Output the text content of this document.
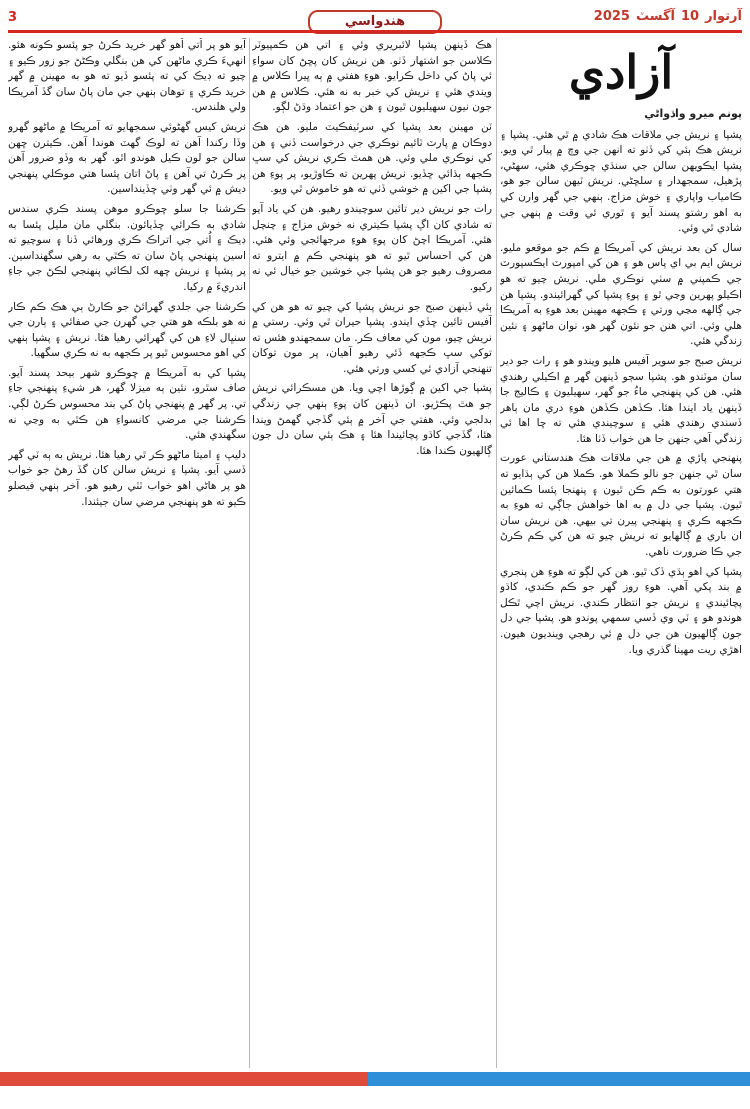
3	هندواسي	آرتوار10آگسٽ2025
آزادي
پونم ميرو واڌواڻي

پشپا ۽ نريش جي ملاقات هڪ شادي ۾ ٿي هئي. پشپا ۽ نريش هڪ ٻئي کي ڏٺو ته انهن جي وچ ۾ پيار ٿي ويو. پشپا ايڪويهن سالن جي سنڌي ڇوڪري هئي، سهڻي، پڙهيل، سمجهدار ۽ سلڇڻي. نريش ٽيهن سالن جو هو، ڪامياب واپاري ۽ خوش مزاج. ٻنهي جي گهر وارن کي به اهو رشتو پسند آيو ۽ ٿوري ئي وقت ۾ ٻنهي جي شادي ٿي وئي.

سال کن بعد نريش کي آمريڪا ۾ ڪم جو موقعو مليو. نريش ايم بي اي پاس هو ۽ هن کي امپورٽ ايڪسپورٽ جي ڪمپني ۾ سٺي نوڪري ملي. نريش چيو ته هو اڪيلو پهرين وڃي ٿو ۽ پوءِ پشپا کي گهرائيندو. پشپا هن جي ڳالهه مڃي ورتي ۽ ڪجهه مهينن بعد هوءِ به آمريڪا هلي وئي. اتي هنن جو نئون گهر هو، نوان ماڻهو ۽ نئين زندگي هئي.

نريش صبح جو سوير آفيس هليو ويندو هو ۽ رات جو دير سان موٽندو هو. پشپا سڄو ڏينهن گهر ۾ اڪيلي رهندي هئي. هن کي پنهنجي ماءُ جو گهر، سهيليون ۽ ڪاليج جا ڏينهن ياد ايندا هئا. ڪڏهن ڪڏهن هوءِ دري مان ٻاهر ڏسندي رهندي هئي ۽ سوچيندي هئي ته ڇا اها ئي زندگي آهي جنهن جا هن خواب ڏٺا هئا.

پنهنجي پاڙي ۾ هن جي ملاقات هڪ هندستاني عورت سان ٿي جنهن جو نالو ڪملا هو. ڪملا هن کي ٻڌايو ته هتي عورتون به ڪم ڪن ٿيون ۽ پنهنجا پئسا ڪمائين ٿيون. پشپا جي دل ۾ به اها خواهش جاڳي ته هوءِ به ڪجهه ڪري ۽ پنهنجي پيرن تي بيهي. هن نريش سان ان باري ۾ ڳالهايو ته نريش چيو ته هن کي ڪم ڪرڻ جي ڪا ضرورت ناهي.

پشپا کي اهو ٻڌي ڏک ٿيو. هن کي لڳو ته هوءِ هن پنجري ۾ بند پکي آهي. هوءِ روز گهر جو ڪم ڪندي، کاڌو پچائيندي ۽ نريش جو انتظار ڪندي. نريش اچي ٿڪل هوندو هو ۽ ٽي وي ڏسي سمهي پوندو هو. پشپا جي دل جون ڳالهيون هن جي دل ۾ ئي رهجي وينديون هيون. اهڙي ريت مهينا گذري ويا.

هڪ ڏينهن پشپا لائبريري وئي ۽ اتي هن ڪمپيوٽر ڪلاسن جو اشتهار ڏٺو. هن نريش کان پڇڻ کان سواءِ ئي پاڻ کي داخل ڪرايو. هوءِ هفتي ۾ ٻه ڀيرا ڪلاس ۾ ويندي هئي ۽ نريش کي خبر به نه هئي. ڪلاس ۾ هن جون نيون سهيليون ٿيون ۽ هن جو اعتماد وڌڻ لڳو.

ٽن مهينن بعد پشپا کي سرٽيفڪيٽ مليو. هن هڪ دوڪان ۾ پارٽ ٽائيم نوڪري جي درخواست ڏني ۽ هن کي نوڪري ملي وئي. هن همٿ ڪري نريش کي سڀ ڪجهه ٻڌائي ڇڏيو. نريش پهرين ته ڪاوڙيو، پر پوءِ هن پشپا جي اکين ۾ خوشي ڏٺي ته هو خاموش ٿي ويو.

رات جو نريش دير تائين سوچيندو رهيو. هن کي ياد آيو ته شادي کان اڳ پشپا ڪيتري نه خوش مزاج ۽ چنچل هئي. آمريڪا اچڻ کان پوءِ هوءِ مرجهائجي وئي هئي. هن کي احساس ٿيو ته هو پنهنجي ڪم ۾ ايترو ته مصروف رهيو جو هن پشپا جي خوشين جو خيال ئي نه رکيو.

ٻئي ڏينهن صبح جو نريش پشپا کي چيو ته هو هن کي آفيس تائين ڇڏي ايندو. پشپا حيران ٿي وئي. رستي ۾ نريش چيو، مون کي معاف ڪر. مان سمجهندو هئس ته توکي سڀ ڪجهه ڏئي رهيو آهيان، پر مون توکان تنهنجي آزادي ئي کسي ورتي هئي.

پشپا جي اکين ۾ ڳوڙها اچي ويا. هن مسڪرائي نريش جو هٿ پڪڙيو. ان ڏينهن کان پوءِ ٻنهي جي زندگي بدلجي وئي. هفتي جي آخر ۾ ٻئي گڏجي گهمڻ ويندا هئا، گڏجي کاڌو پچائيندا هئا ۽ هڪ ٻئي سان دل جون ڳالهيون ڪندا هئا.

آيو هو پر اُتي اُهو گهر خريد ڪرڻ جو پئسو ڪونه هئو. انهيءَ ڪري ماڻهن کي هن بنگلي وڪڻڻ جو زور ڪيو ۽ چيو ته ڊيڪ کي ته پئسو ڏيو ته هو به مهينن ۾ گهر خريد ڪري ۽ توهان ٻنهي جي مان پاڻ سان گڏ آمريڪا ولي هلندس.

نريش کيس گهڻوئي سمجهايو ته آمريڪا ۾ ماڻهو گهرو وڏا رکندا آهن ته لوڪ گهٽ هوندا آهن. ڪيترن ڇهن سالن جو لون ڪيل هوندو اٿو. گهر به وڏو ضرور آهن پر ڪرڻ تي آهن ۽ پاڻ اتان پئسا هتي موڪلي پنهنجي ديش ۾ ئي گهر وٺي ڇڏينداسين.

ڪرشنا جا سلو ڇوڪرو موهن پسند ڪري سندس شادي به ڪرائي ڇڏيائون. بنگلي مان مليل پئسا به ڊيڪ ۽ اُتي جي اتراڪ ڪري ورهائي ڏنا ۽ سوچيو ته اسين پنهنجي پاڻ سان ته ڪٿي به رهي سگهنداسين. پر پشپا ۽ نريش ڇهه لک لڪائي پنهنجي لڪڻ جي جاءِ اندريءَ ۾ رکيا.

ڪرشنا جي جلدي گهرائڻ جو ڪارڻ ٻي هڪ ڪم ڪار نه هو بلڪه هو هتي جي گهرن جي صفائي ۽ ٻارن جي سنڀال لاءِ هن کي گهرائي رهيا هئا. نريش ۽ پشپا ٻنهي کي اهو محسوس ٿيو پر ڪجهه به نه ڪري سگهيا.

پشپا کي به آمريڪا ۾ ڇوڪرو شهر بيحد پسند آيو. صاف سٿرو، نئين ٻه ميزلا گهر، هر شيءِ پنهنجي جاءِ تي. پر گهر ۾ پنهنجي پاڻ کي بند محسوس ڪرڻ لڳي. ڪرشنا جي مرضي کانسواءِ هن ڪٿي به وڃي نه سگهندي هئي.

دليپ ۽ اميتا ماڻهو ڪر ٿي رهيا هئا. نريش به ٻه ٽي گهر ڏسي آيو. پشپا ۽ نريش سالن کان گڏ رهڻ جو خواب هو پر هاڻي اهو خواب ٽٽي رهيو هو. آخر ٻنهي فيصلو ڪيو ته هو پنهنجي مرضي سان جيئندا.
